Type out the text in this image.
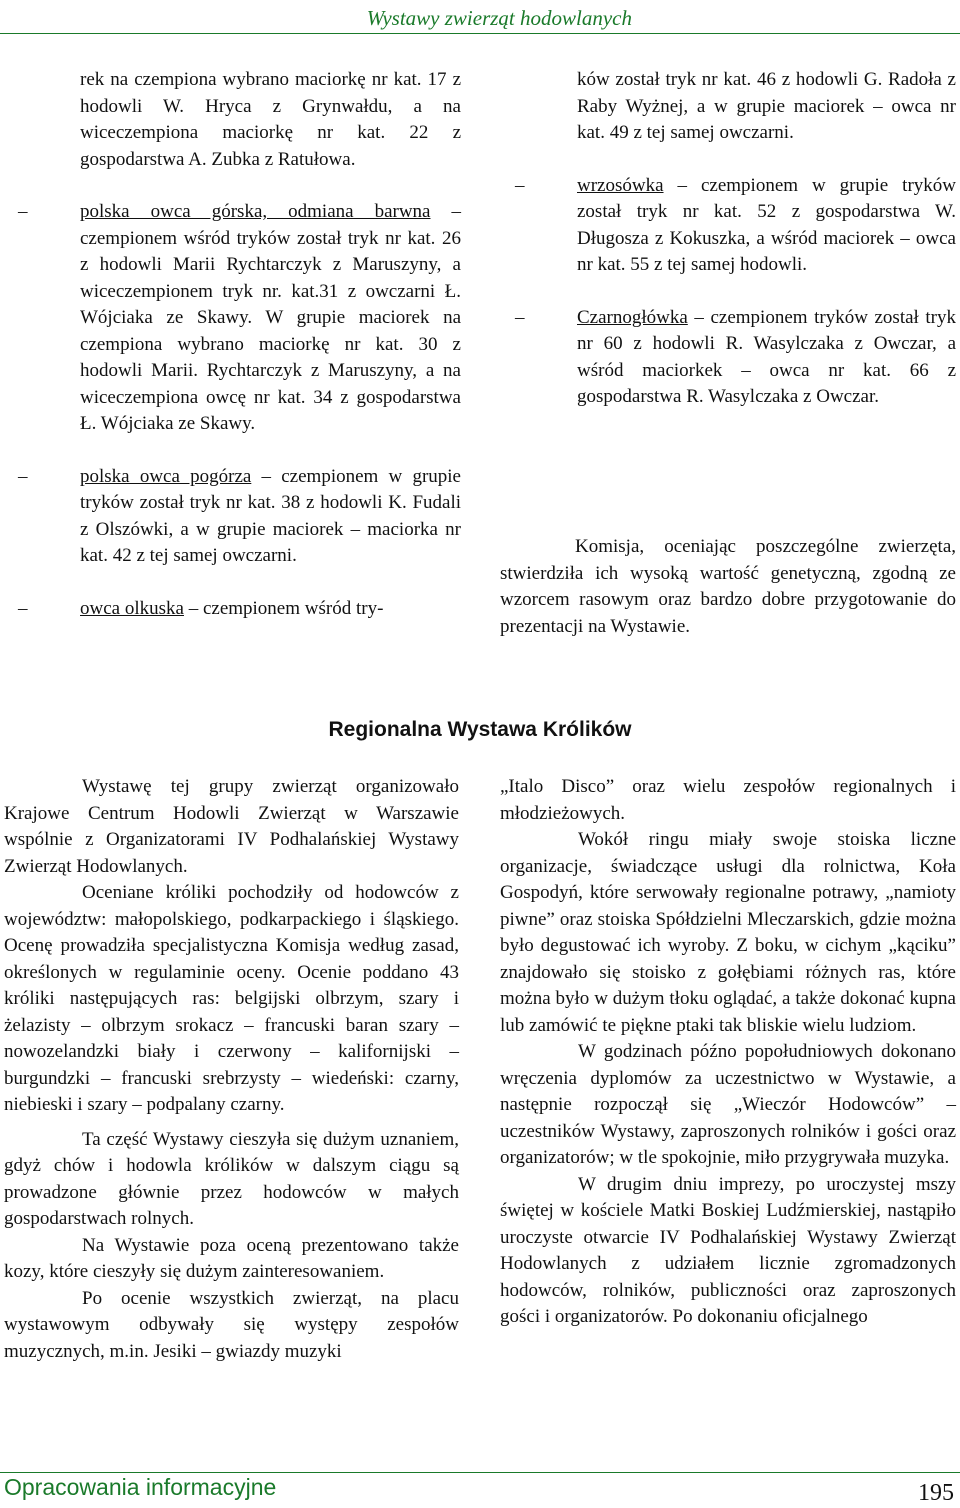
Wystawy zwierząt hodowlanych

rek na czempiona wybrano maciorkę nr kat. 17 z hodowli W. Hryca z Grynwałdu, a na wiceczempiona maciorkę nr kat. 22 z gospodarstwa A. Zubka z Ratułowa.

–	polska owca górska, odmiana barwna – czempionem wśród tryków został tryk nr kat. 26 z hodowli Marii Rychtarczyk z Maruszyny, a wiceczempionem tryk nr. kat.31 z owczarni Ł. Wójciaka ze Skawy. W grupie maciorek na czempiona wybrano maciorkę nr kat. 30 z hodowli Marii. Rychtarczyk z Maruszyny, a na wiceczempiona owcę nr kat. 34 z gospodarstwa Ł. Wójciaka ze Skawy.
–	polska owca pogórza – czempionem w grupie tryków został tryk nr kat. 38 z hodowli K. Fudali z Olszówki, a w grupie maciorek – maciorka nr kat. 42 z tej samej owczarni.
–	owca olkuska – czempionem wśród try-

ków został tryk nr kat. 46 z hodowli G. Radoła z Raby Wyżnej, a w grupie maciorek – owca nr kat. 49 z tej samej owczarni.

–	wrzosówka – czempionem w grupie tryków został tryk nr kat. 52 z gospodarstwa W. Długosza z Kokuszka, a wśród maciorek – owca nr kat. 55 z tej samej hodowli.
–	Czarnogłówka – czempionem tryków został tryk nr 60 z hodowli R. Wasylczaka z Owczar, a wśród maciorkek – owca nr kat. 66 z gospodarstwa R. Wasylczaka z Owczar.

Komisja, oceniając poszczególne zwierzęta, stwierdziła ich wysoką wartość genetyczną, zgodną ze wzorcem rasowym oraz bardzo dobre przygotowanie do prezentacji na Wystawie.

Regionalna Wystawa Królików

Wystawę tej grupy zwierząt organizowało Krajowe Centrum Hodowli Zwierząt w Warszawie wspólnie z Organizatorami IV Podhalańskiej Wystawy Zwierząt Hodowlanych.

Oceniane króliki pochodziły od hodowców z województw: małopolskiego, podkarpackiego i śląskiego. Ocenę prowadziła specjalistyczna Komisja według zasad, określonych w regulaminie oceny. Ocenie poddano 43 króliki następujących ras: belgijski olbrzym, szary i żelazisty – olbrzym srokacz – francuski baran szary – nowozelandzki biały i czerwony – kalifornijski – burgundzki – francuski srebrzysty – wiedeński: czarny, niebieski i szary – podpalany czarny.

Ta część Wystawy cieszyła się dużym uznaniem, gdyż chów i hodowla królików w dalszym ciągu są prowadzone głównie przez hodowców w małych gospodarstwach rolnych.

Na Wystawie poza oceną prezentowano także kozy, które cieszyły się dużym zainteresowaniem.

Po ocenie wszystkich zwierząt, na placu wystawowym odbywały się występy zespołów muzycznych, m.in. Jesiki – gwiazdy muzyki

„Italo Disco” oraz wielu zespołów regionalnych i młodzieżowych.

Wokół ringu miały swoje stoiska liczne organizacje, świadczące usługi dla rolnictwa, Koła Gospodyń, które serwowały regionalne potrawy, „namioty piwne” oraz stoiska Spółdzielni Mleczarskich, gdzie można było degustować ich wyroby. Z boku, w cichym „kąciku” znajdowało się stoisko z gołębiami różnych ras, które można było w dużym tłoku oglądać, a także dokonać kupna lub zamówić te piękne ptaki tak bliskie wielu ludziom.

W godzinach późno popołudniowych dokonano wręczenia dyplomów za uczestnictwo w Wystawie, a następnie rozpoczął się „Wieczór Hodowców” – uczestników Wystawy, zaproszonych rolników i gości oraz organizatorów; w tle spokojnie, miło przygrywała muzyka.

W drugim dniu imprezy, po uroczystej mszy świętej w kościele Matki Boskiej Ludźmierskiej, nastąpiło uroczyste otwarcie IV Podhalańskiej Wystawy Zwierząt Hodowlanych z udziałem licznie zgromadzonych hodowców, rolników, publiczności oraz zaproszonych gości i organizatorów. Po dokonaniu oficjalnego

Opracowania informacyjne	195
